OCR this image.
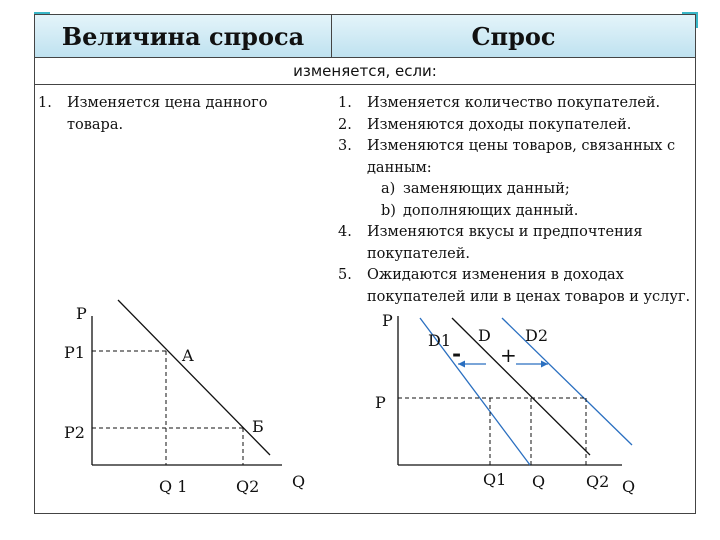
Величина спроса	Спрос
изменяется, если:
1. Изменяется цена данного товара.
1. Изменяется количество покупателей.
2. Изменяются доходы покупателей.
3. Изменяются цены товаров, связанных с данным:
a) заменяющих данный;
b) дополняющих данный.
4. Изменяются вкусы и предпочтения покупателей.
5. Ожидаются изменения в доходах покупателей или в ценах товаров и услуг.
P
P1
P2
A
Б
Q 1	Q2 Q
P
D1 D D2
- +
P
Q1 Q	Q2 Q
